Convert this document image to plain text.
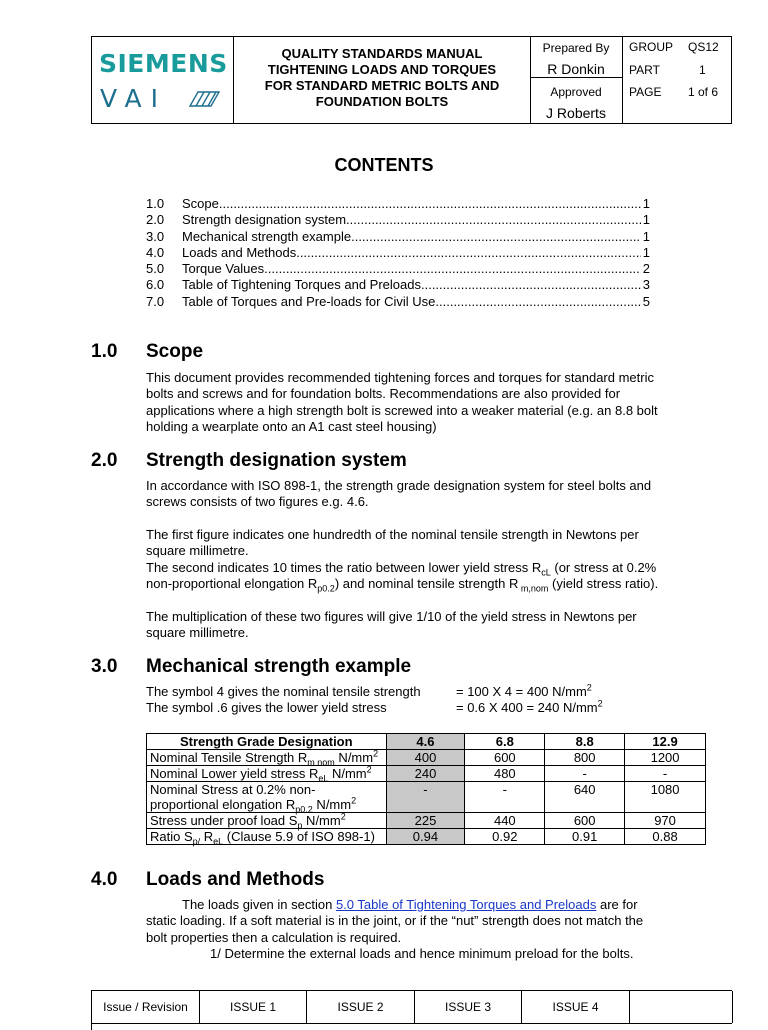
SIEMENS
VAI
QUALITY STANDARDS MANUAL
TIGHTENING LOADS AND TORQUES
FOR STANDARD METRIC BOLTS AND
FOUNDATION BOLTS
Prepared By
R Donkin
Approved
J Roberts
GROUP QS12
PART	1
PAGE 1 of 6
CONTENTS
1.0	Scope .....	1
2.0	Strength designation system .....	1
3.0	Mechanical strength example .....	1
4.0	Loads and Methods .....	1
5.0	Torque Values .....	2
6.0	Table of Tightening Torques and Preloads .....	3
7.0	Table of Torques and Pre-loads for Civil Use .....	5
1.0 Scope
This document provides recommended tightening forces and torques for standard metric
bolts and screws and for foundation bolts. Recommendations are also provided for
applications where a high strength bolt is screwed into a weaker material (e.g. an 8.8 bolt
holding a wearplate onto an A1 cast steel housing)
2.0 Strength designation system
In accordance with ISO 898-1, the strength grade designation system for steel bolts and
screws consists of two figures e.g. 4.6.
The first figure indicates one hundredth of the nominal tensile strength in Newtons per
square millimetre.
The second indicates 10 times the ratio between lower yield stress $R_{cL}$ (or stress at 0.2%
non-proportional elongation $R_{p0.2}$) and nominal tensile strength R $_{m,nom}$ (yield stress ratio).
The multiplication of these two figures will give 1/10 of the yield stress in Newtons per
square millimetre.
3.0 Mechanical strength example
The symbol 4 gives the nominal tensile strength	= 100 X 4 = 400 $N/mm^2$
The symbol .6 gives the lower yield stress	= 0.6 X 400 = 240 $N/mm^2$
Strength Grade Designation	4.6	6.8	8.8	12.9
Nominal Tensile Strength $R_{m nom}$ $N/mm^2$	400	600	800	1200
Nominal Lower yield stress $R_{eL}$ $N/mm^2$	240	480	-	-
Nominal Stress at 0.2% non-proportional elongation $R_{p0.2}$ $N/mm^2$	-	-	640	1080
Stress under proof load $S_p$ $N/mm^2$	225	440	600	970
Ratio $S_{p/}$ $R_{eL}$ (Clause 5.9 of ISO 898-1)	0.94	0.92	0.91	0.88
4.0 Loads and Methods
The loads given in section 5.0 Table of Tightening Torques and Preloads are for
static loading. If a soft material is in the joint, or if the “nut” strength does not match the
bolt properties then a calculation is required.
1/ Determine the external loads and hence minimum preload for the bolts.
Issue / Revision	ISSUE 1	ISSUE 2	ISSUE 3	ISSUE 4
